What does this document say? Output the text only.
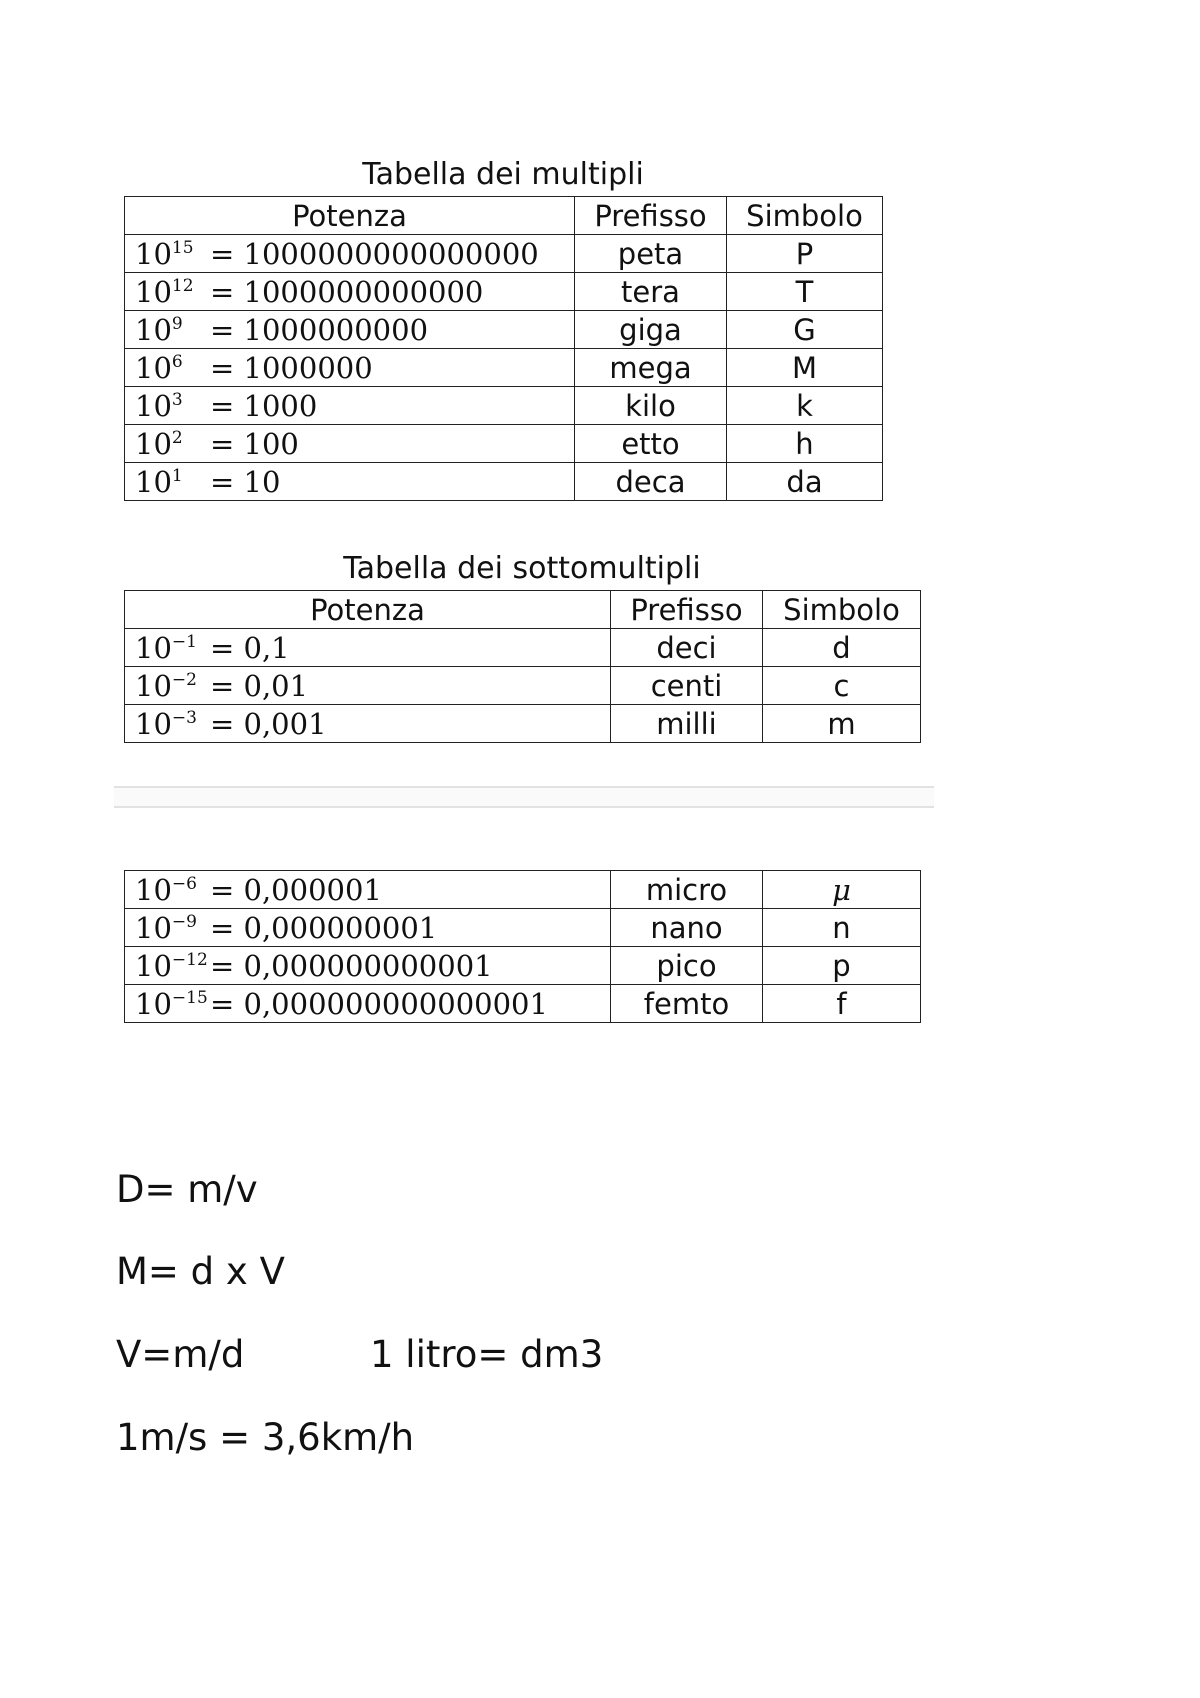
Tabella dei multipli
Potenza	Prefisso	Simbolo
$10^{15} = 1000000000000000$	peta	P
$10^{12} = 1000000000000$	tera	T
$10^9 = 1000000000$	giga	G
$10^6 = 1000000$	mega	M
$10^3 = 1000$	kilo	k
$10^2 = 100$	etto	h
$10^1 = 10$	deca	da
Tabella dei sottomultipli
Potenza	Prefisso	Simbolo
$10^{-1} = 0,1$	deci	d
$10^{-2} = 0,01$	centi	c
$10^{-3} = 0,001$	milli	m
$10^{-6} = 0,000001$	micro	μ
$10^{-9} = 0,000000001$	nano	n
$10^{-12}= 0,000000000001$	pico	p
$10^{-15}= 0,000000000000001$	femto	f
D= m/v
M= d x V
V=m/d	1 litro= dm3
1m/s = 3,6km/h
